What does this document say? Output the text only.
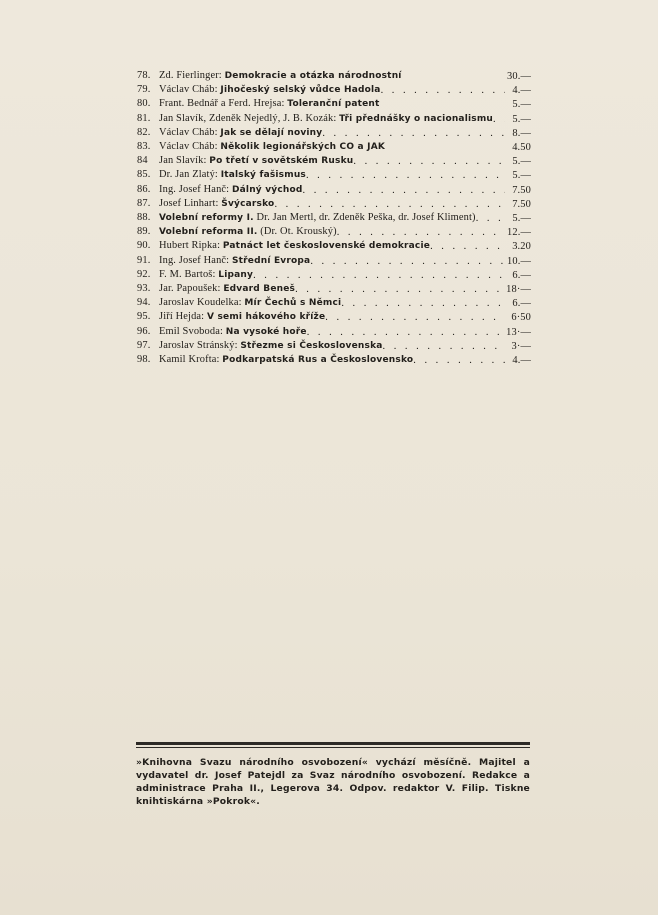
78. Zd. Fierlinger: Demokracie a otázka národnostní	30.—
79. Václav Cháb: Jihočeský selský vůdce Hadola . . .	4.—
80. Frant. Bednář a Ferd. Hrejsa: Toleranční patent	5.—
81. Jan Slavík, Zdeněk Nejedlý, J. B. Kozák: Tři přednášky o nacionalismu . . .	5.—
82. Václav Cháb: Jak se dělají noviny . . .	8.—
83. Václav Cháb: Několik legionářských CO a JAK	4.50
84	Jan Slavík: Po třetí v sovětském Rusku . . .	5.—
85. Dr. Jan Zlatý: Italský fašismus . . .	5.—
86. Ing. Josef Hanč: Dálný východ . . .	7.50
87. Josef Linhart: Švýcarsko . . .	7.50
88. Volební reformy I. Dr. Jan Mertl, dr. Zdeněk Peška, dr. Josef Kliment) . . .	5.—
89. Volební reforma II. (Dr. Ot. Krouský) . . .	12.—
90. Hubert Ripka: Patnáct let československé demokracie . . .	3.20
91. Ing. Josef Hanč: Střední Evropa . . .	10.—
92. F. M. Bartoš: Lipany . . .	6.—
93. Jar. Papoušek: Edvard Beneš . . .	18·—
94. Jaroslav Koudelka: Mír Čechů s Němci . . .	6.—
95. Jiří Hejda: V semi hákového kříže . . .	6·50
96. Emil Svoboda: Na vysoké hoře . . .	13·—
97. Jaroslav Stránský: Střezme si Československa . . .	3·—
98. Kamil Krofta: Podkarpatská Rus a Československo . . .	4.—
»Knihovna Svazu národního osvobození« vychází měsíčně. Majitel a vydavatel dr. Josef Patejdl za Svaz národního osvobození. Redakce a administrace Praha II., Legerova 34. Odpov. redaktor V. Filip. Tiskne knihtiskárna »Pokrok«.
